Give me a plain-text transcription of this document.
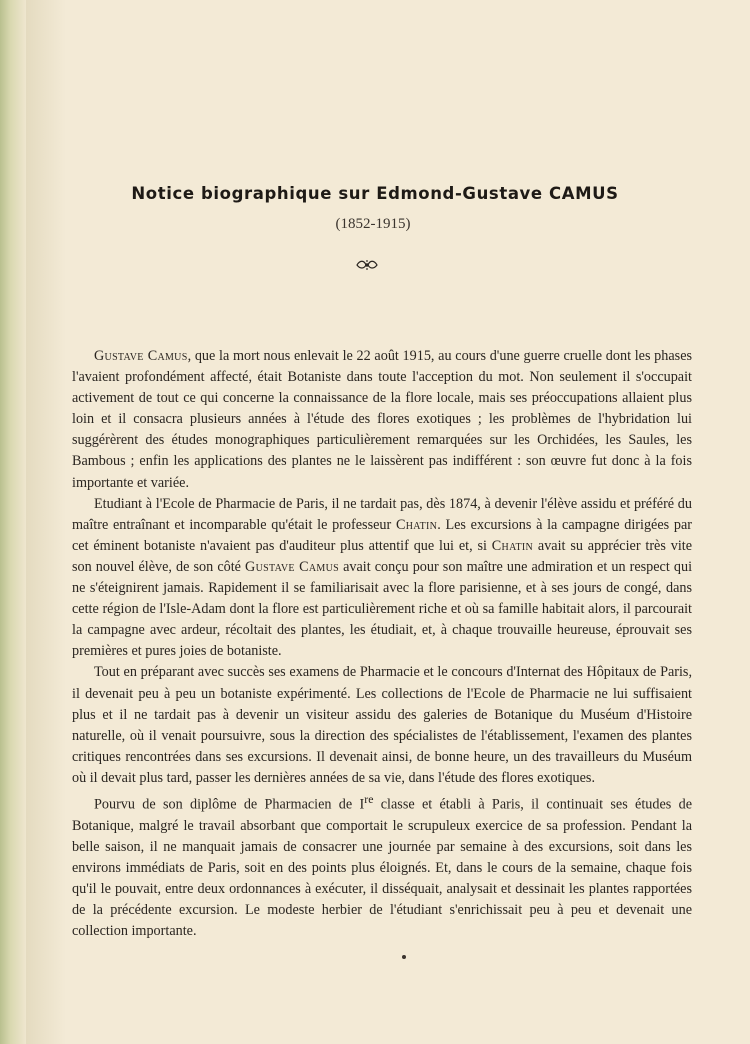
Notice biographique sur Edmond-Gustave CAMUS
(1852-1915)

Gustave Camus, que la mort nous enlevait le 22 août 1915, au cours d'une guerre cruelle dont les phases l'avaient profondément affecté, était Botaniste dans toute l'acception du mot. Non seulement il s'occupait activement de tout ce qui concerne la connaissance de la flore locale, mais ses préoccupations allaient plus loin et il consacra plusieurs années à l'étude des flores exotiques ; les problèmes de l'hybridation lui suggérèrent des études monographiques particulièrement remarquées sur les Orchidées, les Saules, les Bambous ; enfin les applications des plantes ne le laissèrent pas indifférent : son œuvre fut donc à la fois importante et variée.

Etudiant à l'Ecole de Pharmacie de Paris, il ne tardait pas, dès 1874, à devenir l'élève assidu et préféré du maître entraînant et incomparable qu'était le professeur Chatin. Les excursions à la campagne dirigées par cet éminent botaniste n'avaient pas d'auditeur plus attentif que lui et, si Chatin avait su apprécier très vite son nouvel élève, de son côté Gustave Camus avait conçu pour son maître une admiration et un respect qui ne s'éteignirent jamais. Rapidement il se familiarisait avec la flore parisienne, et à ses jours de congé, dans cette région de l'Isle-Adam dont la flore est particulièrement riche et où sa famille habitait alors, il parcourait la campagne avec ardeur, récoltait des plantes, les étudiait, et, à chaque trouvaille heureuse, éprouvait ses premières et pures joies de botaniste.

Tout en préparant avec succès ses examens de Pharmacie et le concours d'Internat des Hôpitaux de Paris, il devenait peu à peu un botaniste expérimenté. Les collections de l'Ecole de Pharmacie ne lui suffisaient plus et il ne tardait pas à devenir un visiteur assidu des galeries de Botanique du Muséum d'Histoire naturelle, où il venait poursuivre, sous la direction des spécialistes de l'établissement, l'examen des plantes critiques rencontrées dans ses excursions. Il devenait ainsi, de bonne heure, un des travailleurs du Muséum où il devait plus tard, passer les dernières années de sa vie, dans l'étude des flores exotiques.

Pourvu de son diplôme de Pharmacien de Ire classe et établi à Paris, il continuait ses études de Botanique, malgré le travail absorbant que comportait le scrupuleux exercice de sa profession. Pendant la belle saison, il ne manquait jamais de consacrer une journée par semaine à des excursions, soit dans les environs immédiats de Paris, soit en des points plus éloignés. Et, dans le cours de la semaine, chaque fois qu'il le pouvait, entre deux ordonnances à exécuter, il disséquait, analysait et dessinait les plantes rapportées de la précédente excursion. Le modeste herbier de l'étudiant s'enrichissait peu à peu et devenait une collection importante.
